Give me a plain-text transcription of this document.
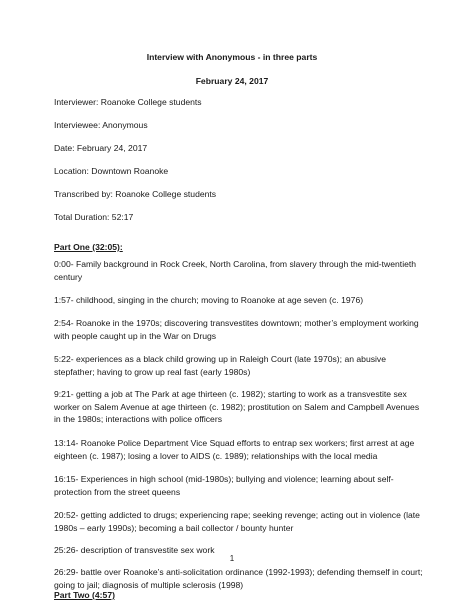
Interview with Anonymous - in three parts
February 24, 2017
Interviewer: Roanoke College students
Interviewee: Anonymous
Date: February 24, 2017
Location: Downtown Roanoke
Transcribed by: Roanoke College students
Total Duration: 52:17
Part One (32:05):
0:00- Family background in Rock Creek, North Carolina, from slavery through the mid-twentieth century
1:57- childhood, singing in the church; moving to Roanoke at age seven (c. 1976)
2:54- Roanoke in the 1970s; discovering transvestites downtown; mother’s employment working with people caught up in the War on Drugs
5:22- experiences as a black child growing up in Raleigh Court (late 1970s); an abusive stepfather; having to grow up real fast (early 1980s)
9:21- getting a job at The Park at age thirteen (c. 1982); starting to work as a transvestite sex worker on Salem Avenue at age thirteen (c. 1982); prostitution on Salem and Campbell Avenues in the 1980s; interactions with police officers
13:14- Roanoke Police Department Vice Squad efforts to entrap sex workers; first arrest at age eighteen (c. 1987); losing a lover to AIDS (c. 1989); relationships with the local media
16:15- Experiences in high school (mid-1980s); bullying and violence; learning about self-protection from the street queens
20:52- getting addicted to drugs; experiencing rape; seeking revenge; acting out in violence (late 1980s – early 1990s); becoming a bail collector / bounty hunter
25:26- description of transvestite sex work
26:29- battle over Roanoke’s anti-solicitation ordinance (1992-1993); defending themself in court; going to jail; diagnosis of multiple sclerosis (1998)
Part Two (4:57)
1
